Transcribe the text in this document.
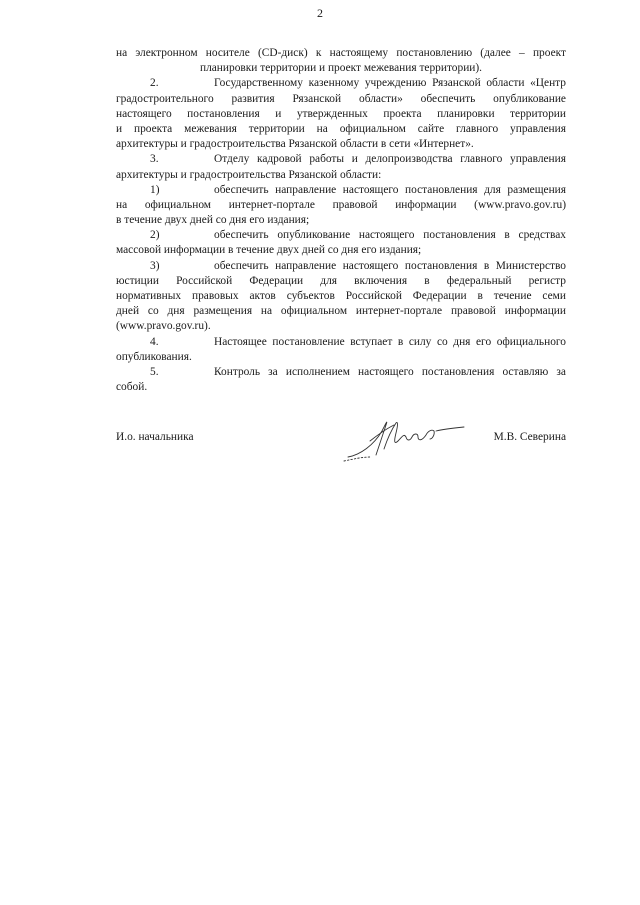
2
на электронном носителе (CD-диск) к настоящему постановлению (далее – проект
планировки территории и проект межевания территории).
2.	Государственному казенному учреждению Рязанской области «Центр
градостроительного развития Рязанской области» обеспечить опубликование
настоящего постановления и утвержденных проекта планировки территории
и проекта межевания территории на официальном сайте главного управления
архитектуры и градостроительства Рязанской области в сети «Интернет».
3.	Отделу кадровой работы и делопроизводства главного управления
архитектуры и градостроительства Рязанской области:
1)	обеспечить направление настоящего постановления для размещения
на официальном интернет-портале правовой информации (www.pravo.gov.ru)
в течение двух дней со дня его издания;
2)	обеспечить опубликование настоящего постановления в средствах
массовой информации в течение двух дней со дня его издания;
3)	обеспечить направление настоящего постановления в Министерство
юстиции Российской Федерации для включения в федеральный регистр
нормативных правовых актов субъектов Российской Федерации в течение семи
дней со дня размещения на официальном интернет-портале правовой информации
(www.pravo.gov.ru).
4.	Настоящее постановление вступает в силу со дня его официального
опубликования.
5.	Контроль за исполнением настоящего постановления оставляю за
собой.
И.о. начальника	М.В. Северина
